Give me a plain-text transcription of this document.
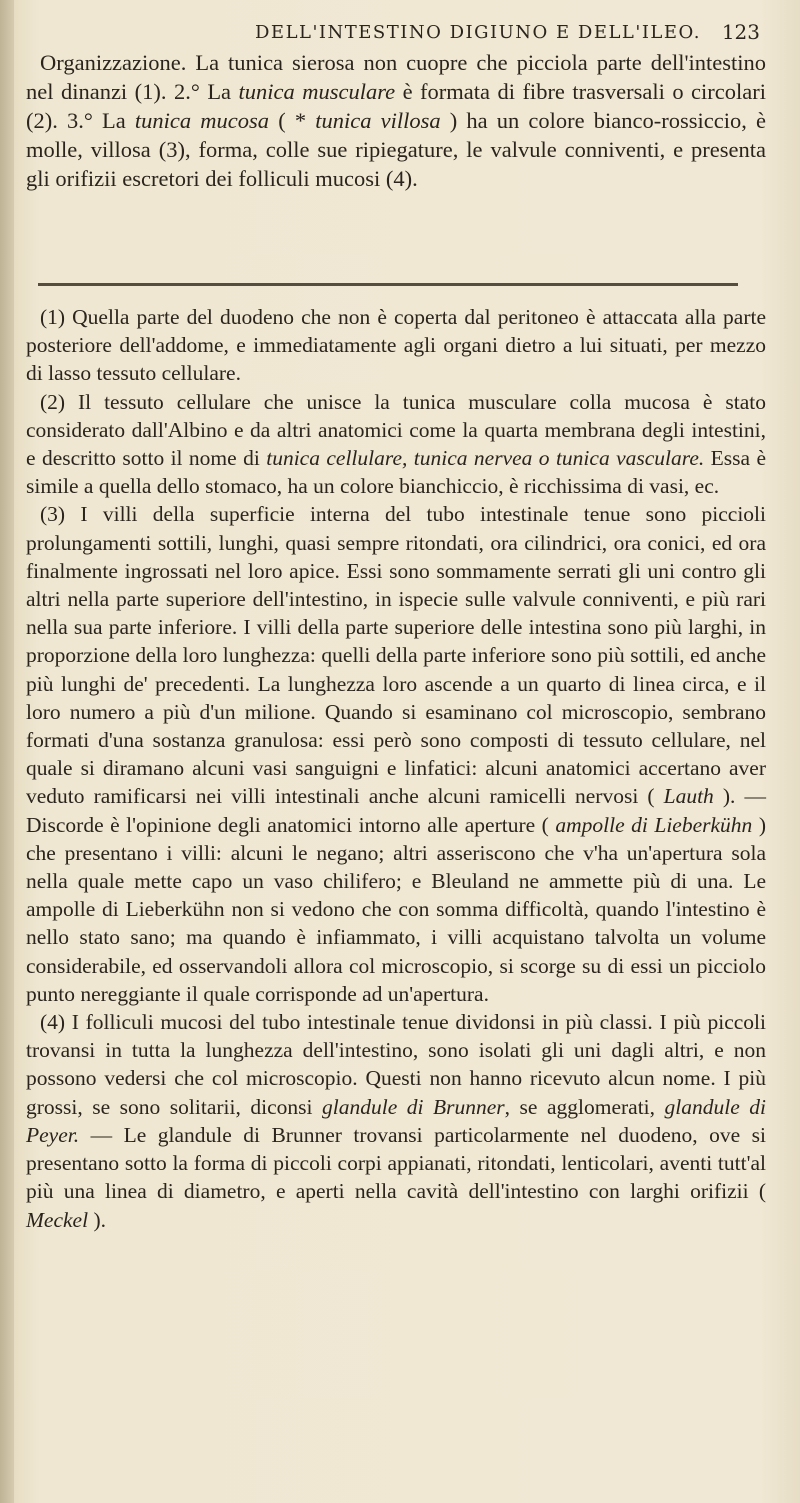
DELL'INTESTINO DIGIUNO E DELL'ILEO. 123

Organizzazione. La tunica sierosa non cuopre che picciola parte dell'intestino nel dinanzi (1). 2.° La tunica musculare è formata di fibre trasversali o circolari (2). 3.° La tunica mucosa ( * tunica villosa ) ha un colore bianco-rossiccio, è molle, villosa (3), forma, colle sue ripiegature, le valvule conniventi, e presenta gli orifizii escretori dei folliculi mucosi (4).

(1) Quella parte del duodeno che non è coperta dal peritoneo è attaccata alla parte posteriore dell'addome, e immediatamente agli organi dietro a lui situati, per mezzo di lasso tessuto cellulare.

(2) Il tessuto cellulare che unisce la tunica musculare colla mucosa è stato considerato dall'Albino e da altri anatomici come la quarta membrana degli intestini, e descritto sotto il nome di tunica cellulare, tunica nervea o tunica vasculare. Essa è simile a quella dello stomaco, ha un colore bianchiccio, è ricchissima di vasi, ec.

(3) I villi della superficie interna del tubo intestinale tenue sono piccioli prolungamenti sottili, lunghi, quasi sempre ritondati, ora cilindrici, ora conici, ed ora finalmente ingrossati nel loro apice. Essi sono sommamente serrati gli uni contro gli altri nella parte superiore dell'intestino, in ispecie sulle valvule conniventi, e più rari nella sua parte inferiore. I villi della parte superiore delle intestina sono più larghi, in proporzione della loro lunghezza: quelli della parte inferiore sono più sottili, ed anche più lunghi de' precedenti. La lunghezza loro ascende a un quarto di linea circa, e il loro numero a più d'un milione. Quando si esaminano col microscopio, sembrano formati d'una sostanza granulosa: essi però sono composti di tessuto cellulare, nel quale si diramano alcuni vasi sanguigni e linfatici: alcuni anatomici accertano aver veduto ramificarsi nei villi intestinali anche alcuni ramicelli nervosi ( Lauth ). — Discorde è l'opinione degli anatomici intorno alle aperture ( ampolle di Lieberkühn ) che presentano i villi: alcuni le negano; altri asseriscono che v'ha un'apertura sola nella quale mette capo un vaso chilifero; e Bleuland ne ammette più di una. Le ampolle di Lieberkühn non si vedono che con somma difficoltà, quando l'intestino è nello stato sano; ma quando è infiammato, i villi acquistano talvolta un volume considerabile, ed osservandoli allora col microscopio, si scorge su di essi un picciolo punto nereggiante il quale corrisponde ad un'apertura.

(4) I folliculi mucosi del tubo intestinale tenue dividonsi in più classi. I più piccoli trovansi in tutta la lunghezza dell'intestino, sono isolati gli uni dagli altri, e non possono vedersi che col microscopio. Questi non hanno ricevuto alcun nome. I più grossi, se sono solitarii, diconsi glandule di Brunner, se agglomerati, glandule di Peyer. — Le glandule di Brunner trovansi particolarmente nel duodeno, ove si presentano sotto la forma di piccoli corpi appianati, ritondati, lenticolari, aventi tutt'al più una linea di diametro, e aperti nella cavità dell'intestino con larghi orifizii ( Meckel ).
